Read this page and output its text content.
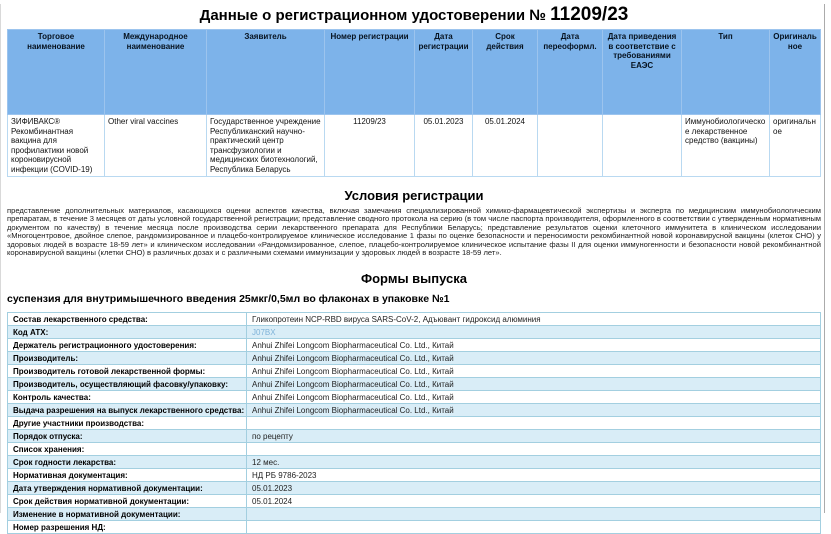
Данные о регистрационном удостоверении № 11209/23
Торговое наименование	Международное наименование	Заявитель	Номер регистрации	Дата регистрации	Срок действия	Дата переоформл.	Дата приведения в соответствие с требованиями ЕАЭС	Тип	Оригинальное
ЗИФИВАКС® Рекомбинантная вакцина для профилактики новой короновирусной инфекции (COVID-19)	Other viral vaccines	Государственное учреждение Республиканский научно-практический центр трансфузиологии и медицинских биотехнологий, Республика Беларусь	11209/23	05.01.2023	05.01.2024			Иммунобиологическое лекарственное средство (вакцины)	оригинальное
Условия регистрации

представление дополнительных материалов, касающихся оценки аспектов качества, включая замечания специализированной химико-фармацевтической экспертизы и эксперта по медицинским иммунобиологическим препаратам, в течение 3 месяцев от даты условной государственной регистрации; представление сводного протокола на серию (в том числе паспорта производителя, оформленного в соответствии с утвержденным нормативным документом по качеству) в течение месяца после производства серии лекарственного препарата для Республики Беларусь; представление результатов оценки клеточного иммунитета в клиническом исследовании «Многоцентровое, двойное слепое, рандомизированное и плацебо-контролируемое клиническое исследование 1 фазы по оценке безопасности и переносимости рекомбинантной новой коронавирусной вакцины (клеток CHO) у здоровых людей в возрасте 18-59 лет» и клиническом исследовании «Рандомизированное, слепое, плацебо-контролируемое клиническое испытание фазы II для оценки иммуногенности и безопасности новой рекомбинантной коронавирусной вакцины (клетки CHO) в различных дозах и с различными схемами иммунизации у здоровых людей в возрасте 18-59 лет».

Формы выпуска
суспензия для внутримышечного введения 25мкг/0,5мл во флаконах в упаковке №1
Состав лекарственного средства:	Гликопротеин NCP-RBD вируса SARS-CoV-2, Адъювант гидроксид алюминия
Код АТХ:	J07BX
Держатель регистрационного удостоверения:	Anhui Zhifei Longcom Biopharmaceutical Co. Ltd., Китай
Производитель:	Anhui Zhifei Longcom Biopharmaceutical Co. Ltd., Китай
Производитель готовой лекарственной формы:	Anhui Zhifei Longcom Biopharmaceutical Co. Ltd., Китай
Производитель, осуществляющий фасовку/упаковку:	Anhui Zhifei Longcom Biopharmaceutical Co. Ltd., Китай
Контроль качества:	Anhui Zhifei Longcom Biopharmaceutical Co. Ltd., Китай
Выдача разрешения на выпуск лекарственного средства:	Anhui Zhifei Longcom Biopharmaceutical Co. Ltd., Китай
Другие участники производства:	
Порядок отпуска:	по рецепту
Список хранения:	
Срок годности лекарства:	12 мес.
Нормативная документация:	НД РБ 9786-2023
Дата утверждения нормативной документации:	05.01.2023
Срок действия нормативной документации:	05.01.2024
Изменение в нормативной документации:	
Номер разрешения НД:	
